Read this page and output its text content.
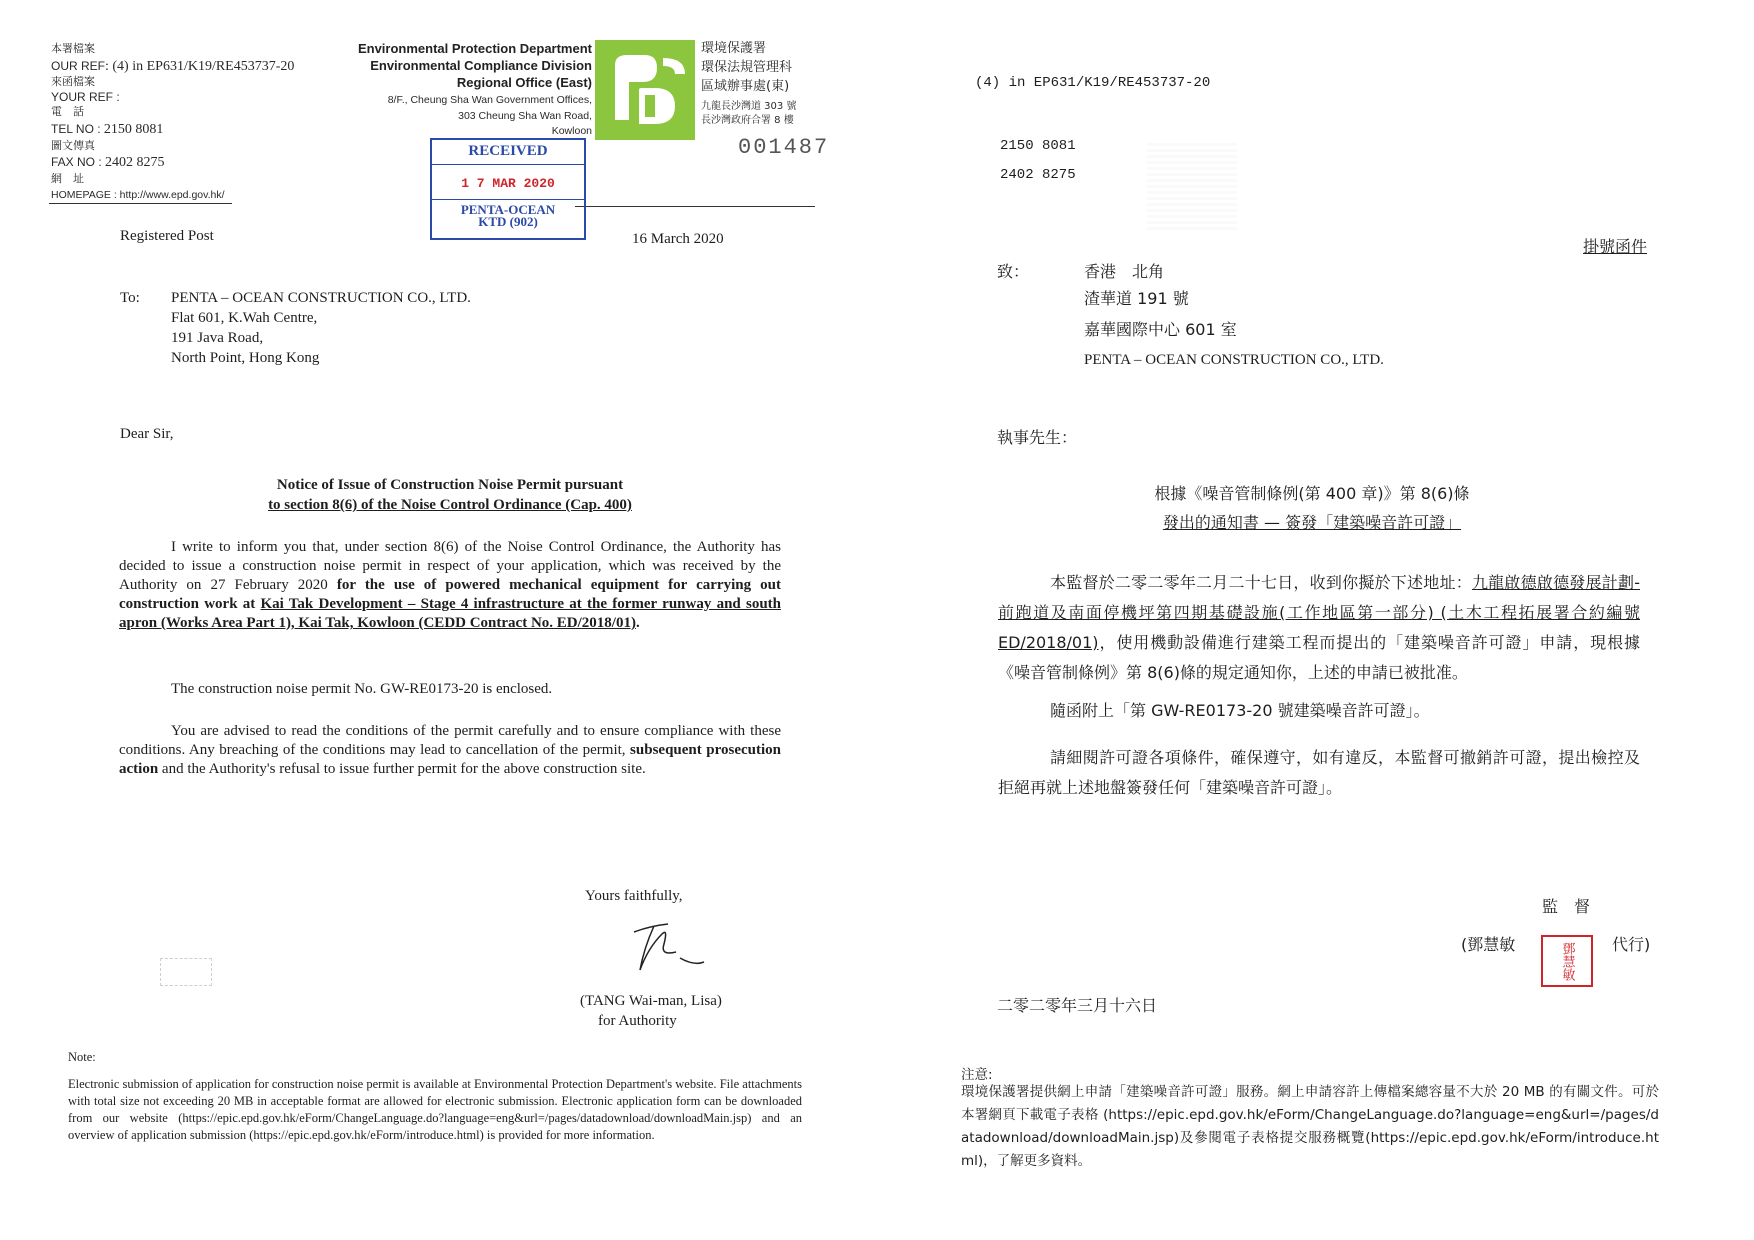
本署檔案
OUR REF: (4) in EP631/K19/RE453737-20
來函檔案
YOUR REF :
電　話
TEL NO : 2150 8081
圖文傳真
FAX NO : 2402 8275
網　址
HOMEPAGE : http://www.epd.gov.hk/
Environmental Protection Department
Environmental Compliance Division
Regional Office (East)
8/F., Cheung Sha Wan Government Offices,
303 Cheung Sha Wan Road,
Kowloon
環境保護署
環保法規管理科
區域辦事處(東)
九龍長沙灣道 303 號
長沙灣政府合署 8 樓
001487
RECEIVED
1 7 MAR 2020
PENTA-OCEAN
KTD (902)
Registered Post	16 March 2020
To: PENTA – OCEAN CONSTRUCTION CO., LTD.
Flat 601, K.Wah Centre,
191 Java Road,
North Point, Hong Kong
Dear Sir,
Notice of Issue of Construction Noise Permit pursuant
to section 8(6) of the Noise Control Ordinance (Cap. 400)
I write to inform you that, under section 8(6) of the Noise Control Ordinance, the Authority has decided to issue a construction noise permit in respect of your application, which was received by the Authority on 27 February 2020 for the use of powered mechanical equipment for carrying out construction work at Kai Tak Development – Stage 4 infrastructure at the former runway and south apron (Works Area Part 1), Kai Tak, Kowloon (CEDD Contract No. ED/2018/01).
The construction noise permit No. GW-RE0173-20 is enclosed.
You are advised to read the conditions of the permit carefully and to ensure compliance with these conditions. Any breaching of the conditions may lead to cancellation of the permit, subsequent prosecution action and the Authority's refusal to issue further permit for the above construction site.
Yours faithfully,
(TANG Wai-man, Lisa)
for Authority
Note:
Electronic submission of application for construction noise permit is available at Environmental Protection Department's website. File attachments with total size not exceeding 20 MB in acceptable format are allowed for electronic submission. Electronic application form can be downloaded from our website (https://epic.epd.gov.hk/eForm/ChangeLanguage.do?language=eng&url=/pages/datadownload/downloadMain.jsp) and an overview of application submission (https://epic.epd.gov.hk/eForm/introduce.html) is provided for more information.
(4) in EP631/K19/RE453737-20
2150 8081
2402 8275
掛號函件
致：	香港　北角
渣華道 191 號
嘉華國際中心 601 室
PENTA – OCEAN CONSTRUCTION CO., LTD.
執事先生：
根據《噪音管制條例(第 400 章)》第 8(6)條
發出的通知書 — 簽發「建築噪音許可證」
本監督於二零二零年二月二十七日，收到你擬於下述地址：九龍啟德啟德發展計劃-前跑道及南面停機坪第四期基礎設施(工作地區第一部分) (土木工程拓展署合約編號 ED/2018/01)，使用機動設備進行建築工程而提出的「建築噪音許可證」申請，現根據《噪音管制條例》第 8(6)條的規定通知你，上述的申請已被批准。
隨函附上「第 GW-RE0173-20 號建築噪音許可證」。
請細閱許可證各項條件，確保遵守，如有違反，本監督可撤銷許可證，提出檢控及拒絕再就上述地盤簽發任何「建築噪音許可證」。
監　督
(鄧慧敏	鄧慧敏	代行)
二零二零年三月十六日
注意:
環境保護署提供網上申請「建築噪音許可證」服務。網上申請容許上傳檔案總容量不大於 20 MB 的有關文件。可於本署網頁下載電子表格 (https://epic.epd.gov.hk/eForm/ChangeLanguage.do?language=eng&url=/pages/datadownload/downloadMain.jsp)及參閱電子表格提交服務概覽(https://epic.epd.gov.hk/eForm/introduce.html)，了解更多資料。
